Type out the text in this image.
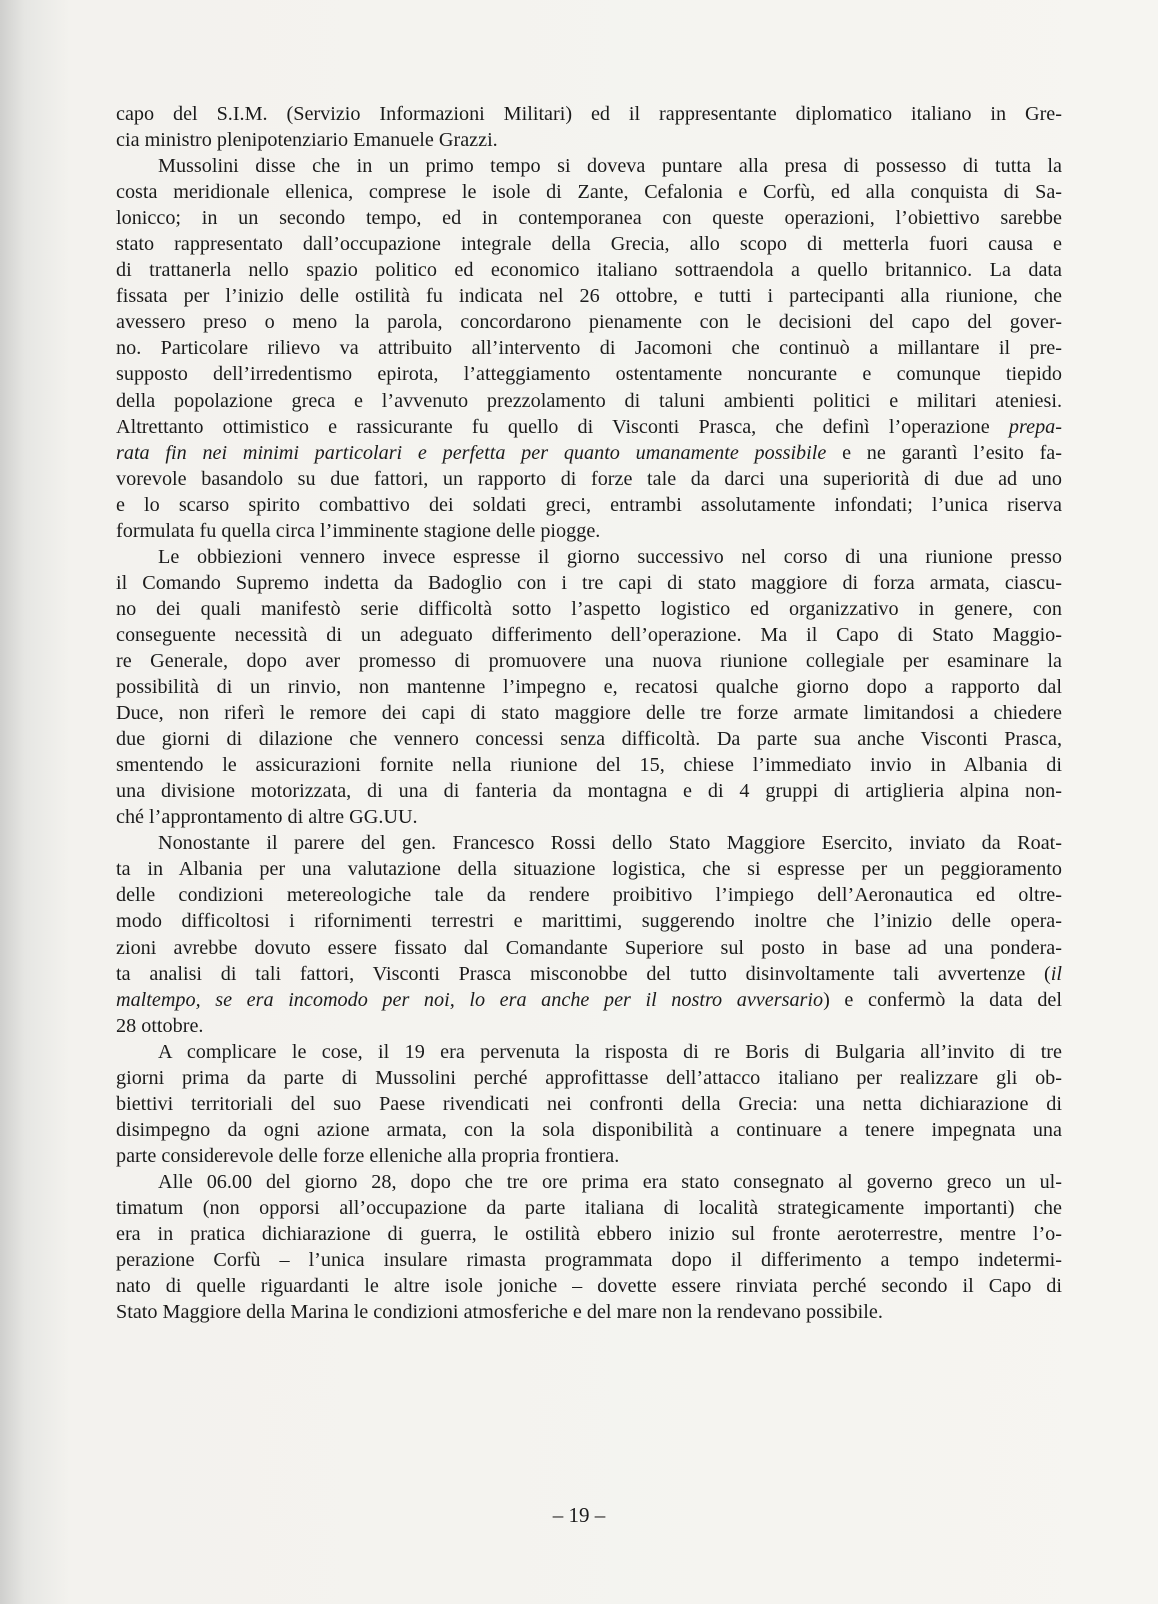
capo del S.I.M. (Servizio Informazioni Militari) ed il rappresentante diplomatico italiano in Gre-
cia ministro plenipotenziario Emanuele Grazzi.
Mussolini disse che in un primo tempo si doveva puntare alla presa di possesso di tutta la
costa meridionale ellenica, comprese le isole di Zante, Cefalonia e Corfù, ed alla conquista di Sa-
lonicco; in un secondo tempo, ed in contemporanea con queste operazioni, l’obiettivo sarebbe
stato rappresentato dall’occupazione integrale della Grecia, allo scopo di metterla fuori causa e
di trattanerla nello spazio politico ed economico italiano sottraendola a quello britannico. La data
fissata per l’inizio delle ostilità fu indicata nel 26 ottobre, e tutti i partecipanti alla riunione, che
avessero preso o meno la parola, concordarono pienamente con le decisioni del capo del gover-
no. Particolare rilievo va attribuito all’intervento di Jacomoni che continuò a millantare il pre-
supposto dell’irredentismo epirota, l’atteggiamento ostentamente noncurante e comunque tiepido
della popolazione greca e l’avvenuto prezzolamento di taluni ambienti politici e militari ateniesi.
Altrettanto ottimistico e rassicurante fu quello di Visconti Prasca, che definì l’operazione prepa-
rata fin nei minimi particolari e perfetta per quanto umanamente possibile e ne garantì l’esito fa-
vorevole basandolo su due fattori, un rapporto di forze tale da darci una superiorità di due ad uno
e lo scarso spirito combattivo dei soldati greci, entrambi assolutamente infondati; l’unica riserva
formulata fu quella circa l’imminente stagione delle piogge.
Le obbiezioni vennero invece espresse il giorno successivo nel corso di una riunione presso
il Comando Supremo indetta da Badoglio con i tre capi di stato maggiore di forza armata, ciascu-
no dei quali manifestò serie difficoltà sotto l’aspetto logistico ed organizzativo in genere, con
conseguente necessità di un adeguato differimento dell’operazione. Ma il Capo di Stato Maggio-
re Generale, dopo aver promesso di promuovere una nuova riunione collegiale per esaminare la
possibilità di un rinvio, non mantenne l’impegno e, recatosi qualche giorno dopo a rapporto dal
Duce, non riferì le remore dei capi di stato maggiore delle tre forze armate limitandosi a chiedere
due giorni di dilazione che vennero concessi senza difficoltà. Da parte sua anche Visconti Prasca,
smentendo le assicurazioni fornite nella riunione del 15, chiese l’immediato invio in Albania di
una divisione motorizzata, di una di fanteria da montagna e di 4 gruppi di artiglieria alpina non-
ché l’approntamento di altre GG.UU.
Nonostante il parere del gen. Francesco Rossi dello Stato Maggiore Esercito, inviato da Roat-
ta in Albania per una valutazione della situazione logistica, che si espresse per un peggioramento
delle condizioni metereologiche tale da rendere proibitivo l’impiego dell’Aeronautica ed oltre-
modo difficoltosi i rifornimenti terrestri e marittimi, suggerendo inoltre che l’inizio delle opera-
zioni avrebbe dovuto essere fissato dal Comandante Superiore sul posto in base ad una pondera-
ta analisi di tali fattori, Visconti Prasca misconobbe del tutto disinvoltamente tali avvertenze (il
maltempo, se era incomodo per noi, lo era anche per il nostro avversario) e confermò la data del
28 ottobre.
A complicare le cose, il 19 era pervenuta la risposta di re Boris di Bulgaria all’invito di tre
giorni prima da parte di Mussolini perché approfittasse dell’attacco italiano per realizzare gli ob-
biettivi territoriali del suo Paese rivendicati nei confronti della Grecia: una netta dichiarazione di
disimpegno da ogni azione armata, con la sola disponibilità a continuare a tenere impegnata una
parte considerevole delle forze elleniche alla propria frontiera.
Alle 06.00 del giorno 28, dopo che tre ore prima era stato consegnato al governo greco un ul-
timatum (non opporsi all’occupazione da parte italiana di località strategicamente importanti) che
era in pratica dichiarazione di guerra, le ostilità ebbero inizio sul fronte aeroterrestre, mentre l’o-
perazione Corfù – l’unica insulare rimasta programmata dopo il differimento a tempo indetermi-
nato di quelle riguardanti le altre isole joniche – dovette essere rinviata perché secondo il Capo di
Stato Maggiore della Marina le condizioni atmosferiche e del mare non la rendevano possibile.
– 19 –
